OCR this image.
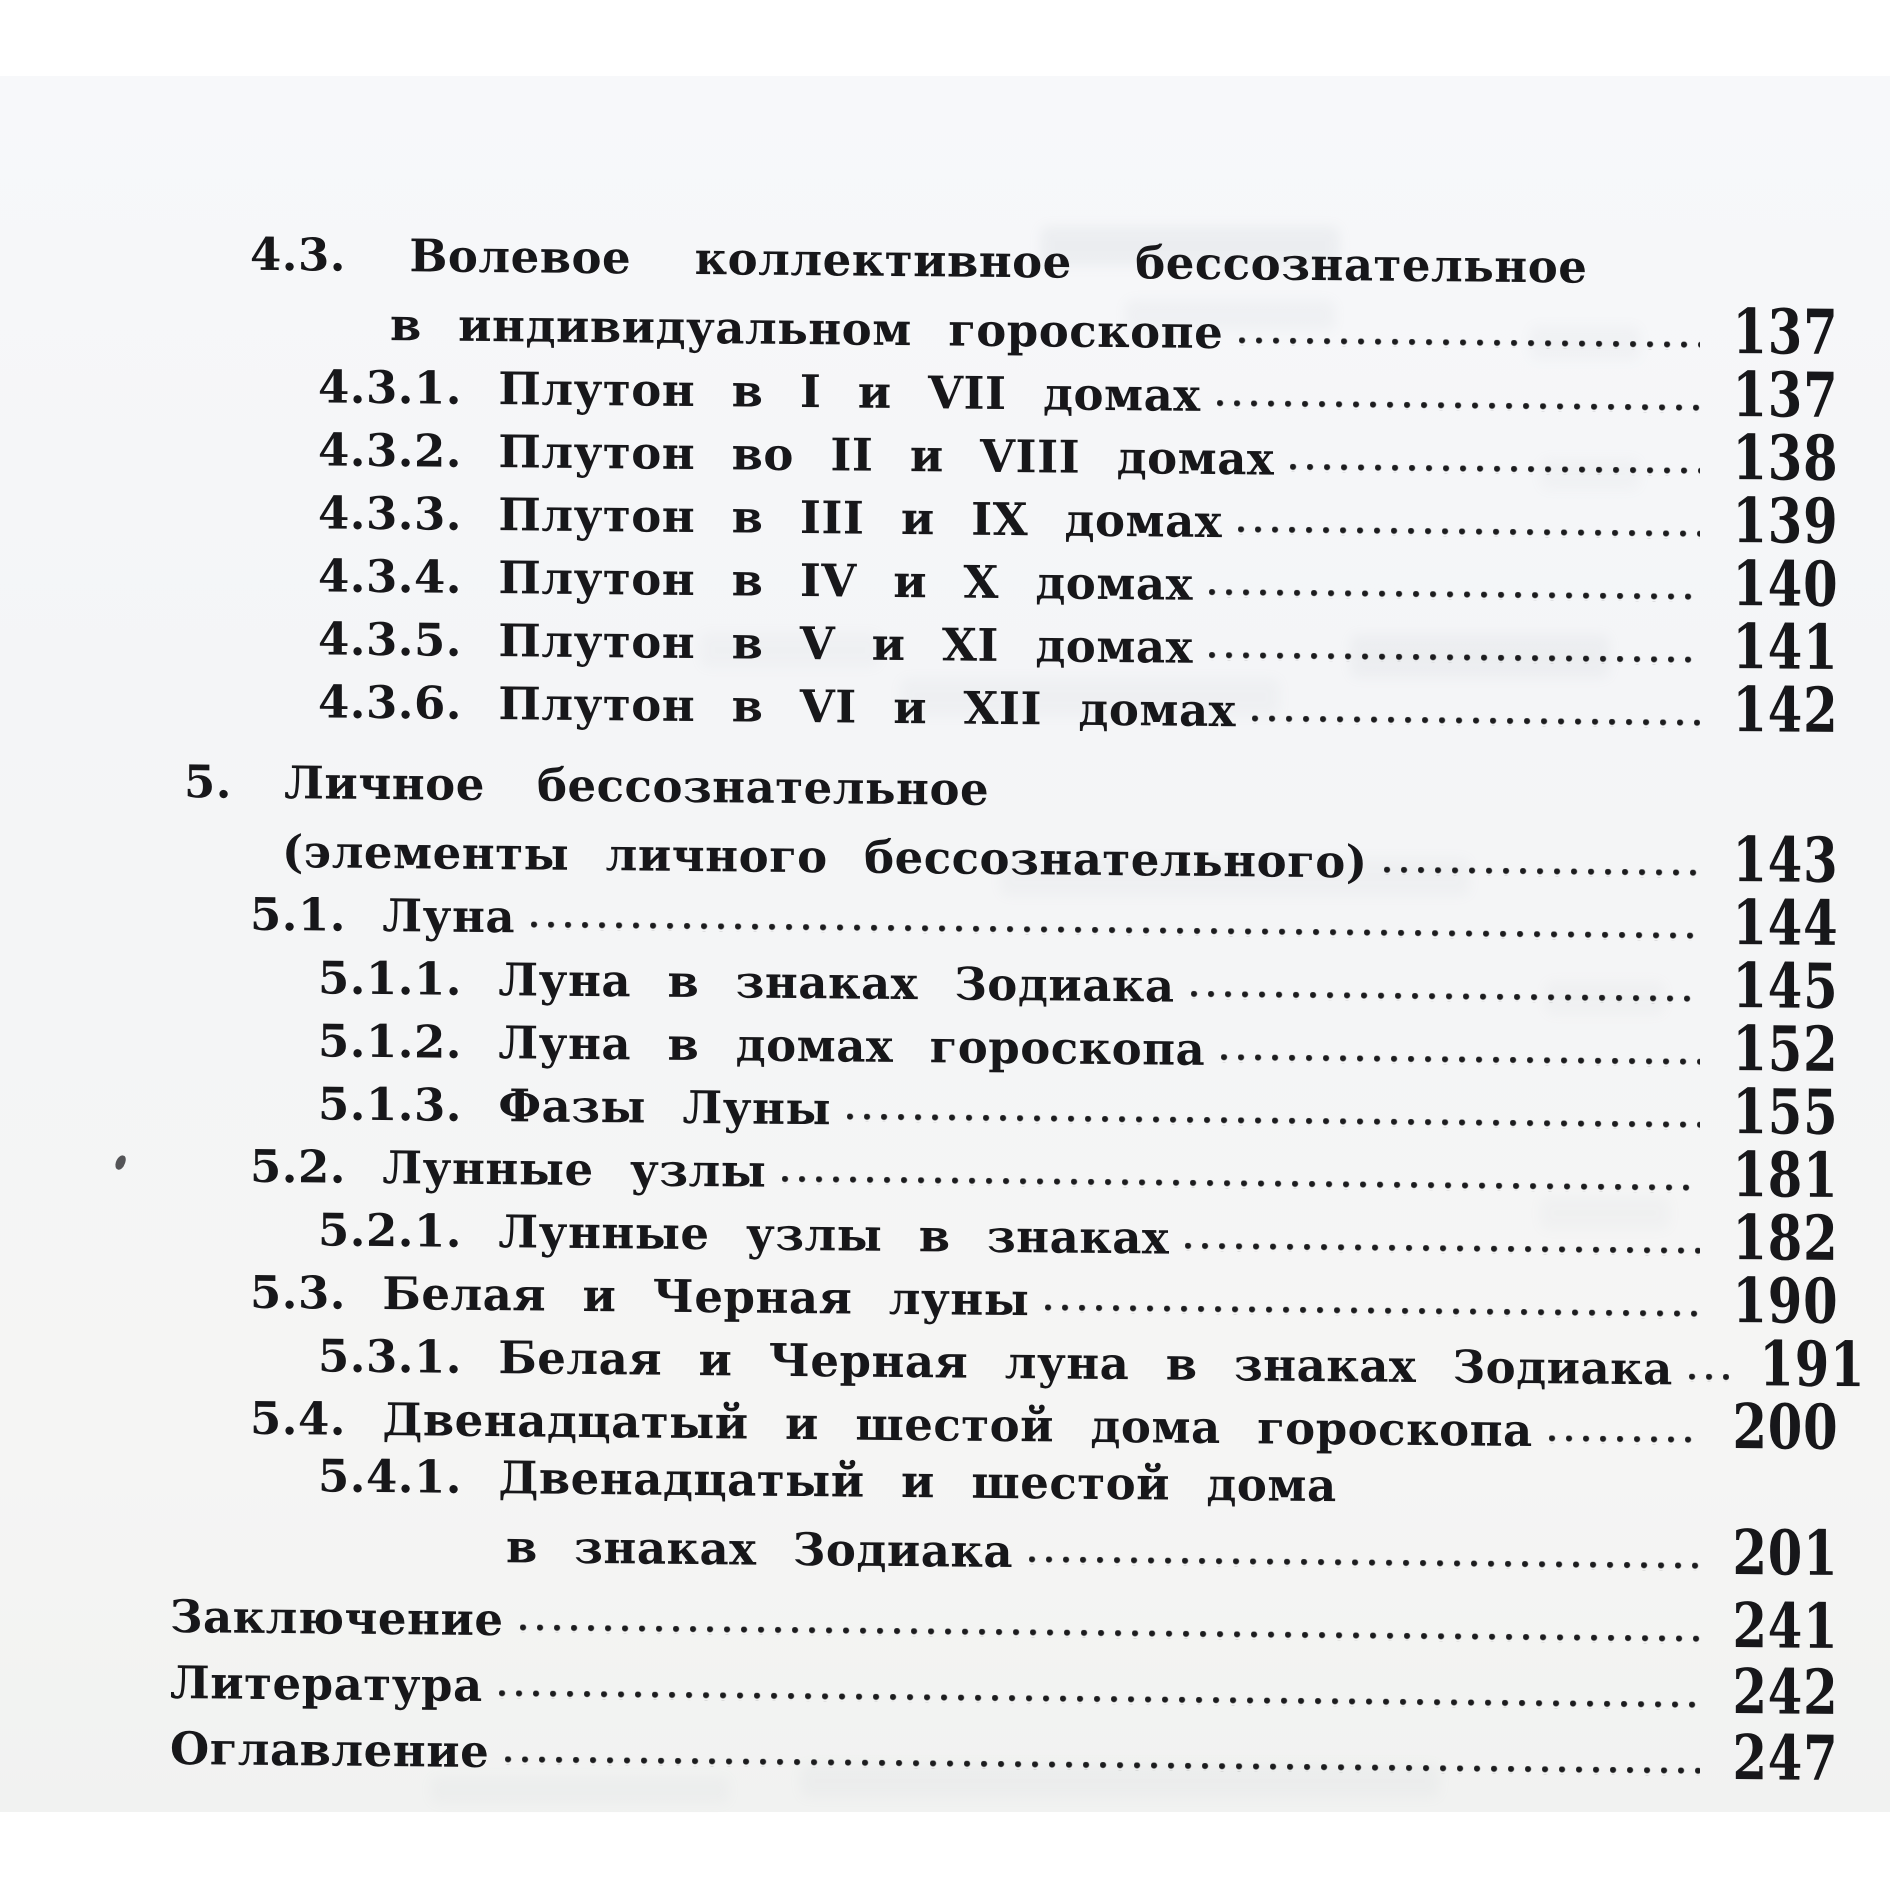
4.3. Волевое коллективное бессознательное
в индивидуальном гороскопе	137
4.3.1. Плутон в I и VII домах	137
4.3.2. Плутон во II и VIII домах	138
4.3.3. Плутон в III и IX домах	139
4.3.4. Плутон в IV и X домах	140
4.3.5. Плутон в V и XI домах	141
4.3.6. Плутон в VI и XII домах	142
5. Личное бессознательное
(элементы личного бессознательного)	143
5.1. Луна	144
5.1.1. Луна в знаках Зодиака	145
5.1.2. Луна в домах гороскопа	152
5.1.3. Фазы Луны	155
5.2. Лунные узлы	181
5.2.1. Лунные узлы в знаках	182
5.3. Белая и Черная луны	190
5.3.1. Белая и Черная луна в знаках Зодиака 191
5.4. Двенадцатый и шестой дома гороскопа	200
5.4.1. Двенадцатый и шестой дома
в знаках Зодиака	201
Заключение	241
Литература	242
Оглавление	247
